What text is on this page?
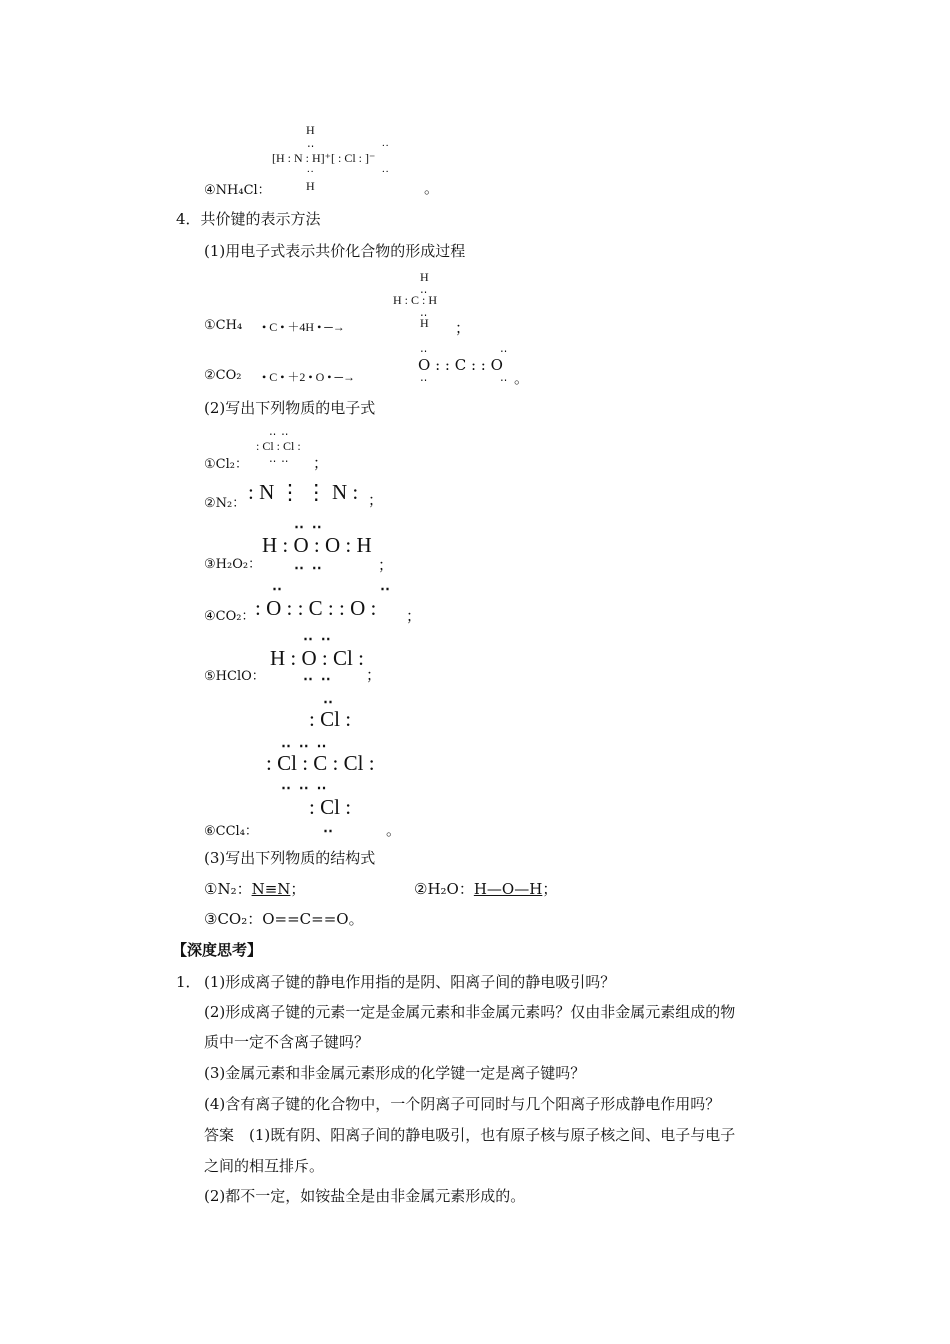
H
‥	..
[H : N : H]⁺[ : Cl : ]⁻
..	..
④NH₄Cl：	H	。
4．共价键的表示方法
(1)用电子式表示共价化合物的形成过程
H
‥
H : C : H
‥
①CH₄ • C • ＋4H • ─→	H ；
‥	‥
②CO₂ • C • ＋2 • O • ─→
O : : C : : O
‥	‥ 。
(2)写出下列物质的电子式
‥ ‥
: Cl : Cl :
‥ ‥
①Cl₂：	；
②N₂： : N ⋮ ⋮ N : ；
‥ ‥
H : O : O : H
‥ ‥
③H₂O₂：	；
‥	‥
④CO₂： : O : : C : : O : ；
‥ ‥
H : O : Cl :
‥ ‥
⑤HClO：	；
‥
: Cl :
‥ ‥ ‥
: Cl : C : Cl :
‥ ‥ ‥
: Cl :
‥
⑥CCl₄：	。
(3)写出下列物质的结构式
①N₂：N≡N；	②H₂O：H—O—H；
③CO₂：O==C==O。
【深度思考】
1． (1)形成离子键的静电作用指的是阴、阳离子间的静电吸引吗？
(2)形成离子键的元素一定是金属元素和非金属元素吗？仅由非金属元素组成的物
质中一定不含离子键吗？
(3)金属元素和非金属元素形成的化学键一定是离子键吗？
(4)含有离子键的化合物中，一个阴离子可同时与几个阳离子形成静电作用吗？
答案　(1)既有阴、阳离子间的静电吸引，也有原子核与原子核之间、电子与电子
之间的相互排斥。
(2)都不一定，如铵盐全是由非金属元素形成的。
